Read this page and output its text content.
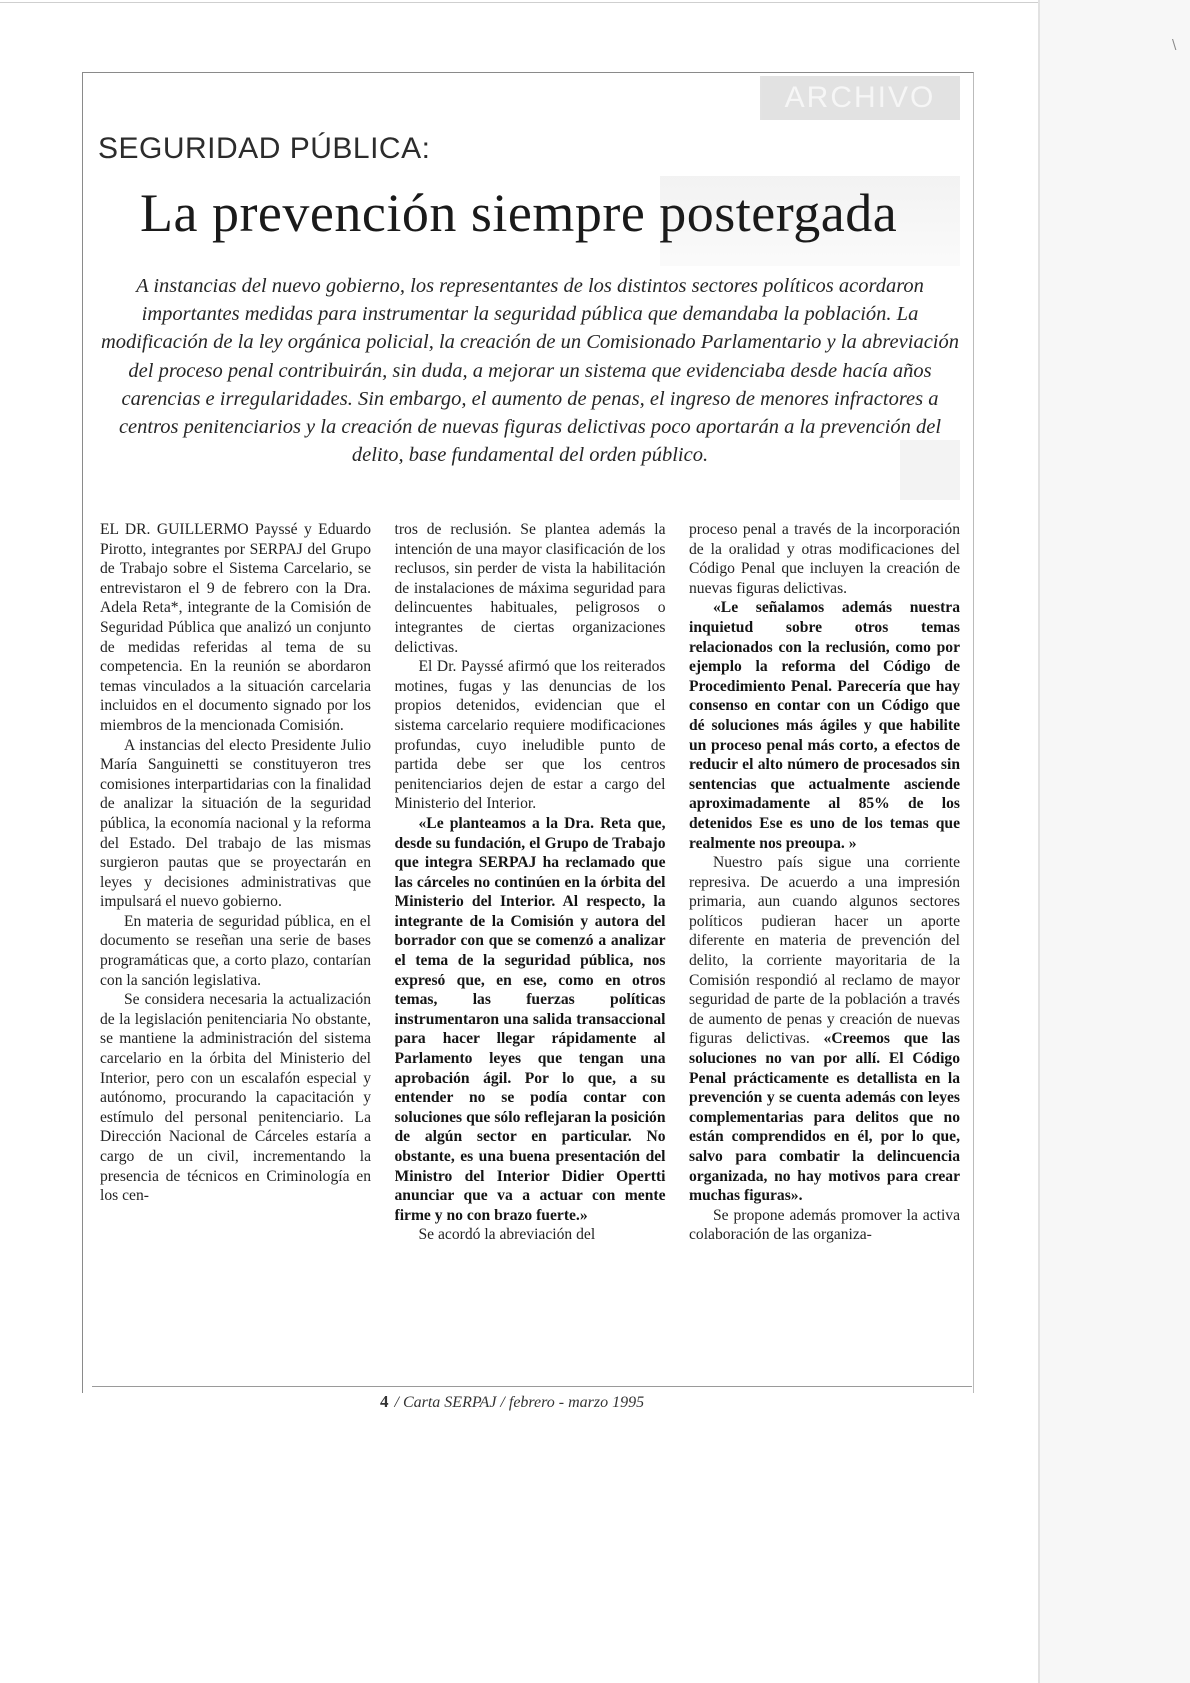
\
ARCHIVO
SEGURIDAD PÚBLICA:
La prevención siempre postergada

A instancias del nuevo gobierno, los representantes de los distintos sectores políticos acordaron importantes medidas para instrumentar la seguridad pública que demandaba la población. La modificación de la ley orgánica policial, la creación de un Comisionado Parlamentario y la abreviación del proceso penal contribuirán, sin duda, a mejorar un sistema que evidenciaba desde hacía años carencias e irregularidades. Sin embargo, el aumento de penas, el ingreso de menores infractores a centros penitenciarios y la creación de nuevas figuras delictivas poco aportarán a la prevención del delito, base fundamental del orden público.

EL DR. GUILLERMO Payssé y Eduardo Pirotto, integrantes por SERPAJ del Grupo de Trabajo sobre el Sistema Carcelario, se entrevistaron el 9 de febrero con la Dra. Adela Reta*, integrante de la Comisión de Seguridad Pública que analizó un conjunto de medidas referidas al tema de su competencia. En la reunión se abordaron temas vinculados a la situación carcelaria incluidos en el documento signado por los miembros de la mencionada Comisión.

A instancias del electo Presidente Julio María Sanguinetti se constituyeron tres comisiones interpartidarias con la finalidad de analizar la situación de la seguridad pública, la economía nacional y la reforma del Estado. Del trabajo de las mismas surgieron pautas que se proyectarán en leyes y decisiones administrativas que impulsará el nuevo gobierno.

En materia de seguridad pública, en el documento se reseñan una serie de bases programáticas que, a corto plazo, contarían con la sanción legislativa.

Se considera necesaria la actualización de la legislación penitenciaria No obstante, se mantiene la administración del sistema carcelario en la órbita del Ministerio del Interior, pero con un escalafón especial y autónomo, procurando la capacitación y estímulo del personal penitenciario. La Dirección Nacional de Cárceles estaría a cargo de un civil, incrementando la presencia de técnicos en Criminología en los cen-

tros de reclusión. Se plantea además la intención de una mayor clasificación de los reclusos, sin perder de vista la habilitación de instalaciones de máxima seguridad para delincuentes habituales, peligrosos o integrantes de ciertas organizaciones delictivas.

El Dr. Payssé afirmó que los reiterados motines, fugas y las denuncias de los propios detenidos, evidencian que el sistema carcelario requiere modificaciones profundas, cuyo ineludible punto de partida debe ser que los centros penitenciarios dejen de estar a cargo del Ministerio del Interior.

«Le planteamos a la Dra. Reta que, desde su fundación, el Grupo de Trabajo que integra SERPAJ ha reclamado que las cárceles no continúen en la órbita del Ministerio del Interior. Al respecto, la integrante de la Comisión y autora del borrador con que se comenzó a analizar el tema de la seguridad pública, nos expresó que, en ese, como en otros temas, las fuerzas políticas instrumentaron una salida transaccional para hacer llegar rápidamente al Parlamento leyes que tengan una aprobación ágil. Por lo que, a su entender no se podía contar con soluciones que sólo reflejaran la posición de algún sector en particular. No obstante, es una buena presentación del Ministro del Interior Didier Opertti anunciar que va a actuar con mente firme y no con brazo fuerte.»

Se acordó la abreviación del

proceso penal a través de la incorporación de la oralidad y otras modificaciones del Código Penal que incluyen la creación de nuevas figuras delictivas.

«Le señalamos además nuestra inquietud sobre otros temas relacionados con la reclusión, como por ejemplo la reforma del Código de Procedimiento Penal. Parecería que hay consenso en contar con un Código que dé soluciones más ágiles y que habilite un proceso penal más corto, a efectos de reducir el alto número de procesados sin sentencias que actualmente asciende aproximadamente al 85% de los detenidos Ese es uno de los temas que realmente nos preoupa. »

Nuestro país sigue una corriente represiva. De acuerdo a una impresión primaria, aun cuando algunos sectores políticos pudieran hacer un aporte diferente en materia de prevención del delito, la corriente mayoritaria de la Comisión respondió al reclamo de mayor seguridad de parte de la población a través de aumento de penas y creación de nuevas figuras delictivas. «Creemos que las soluciones no van por allí. El Código Penal prácticamente es detallista en la prevención y se cuenta además con leyes complementarias para delitos que no están comprendidos en él, por lo que, salvo para combatir la delincuencia organizada, no hay motivos para crear muchas figuras».

Se propone además promover la activa colaboración de las organiza-

4 / Carta SERPAJ / febrero - marzo 1995
